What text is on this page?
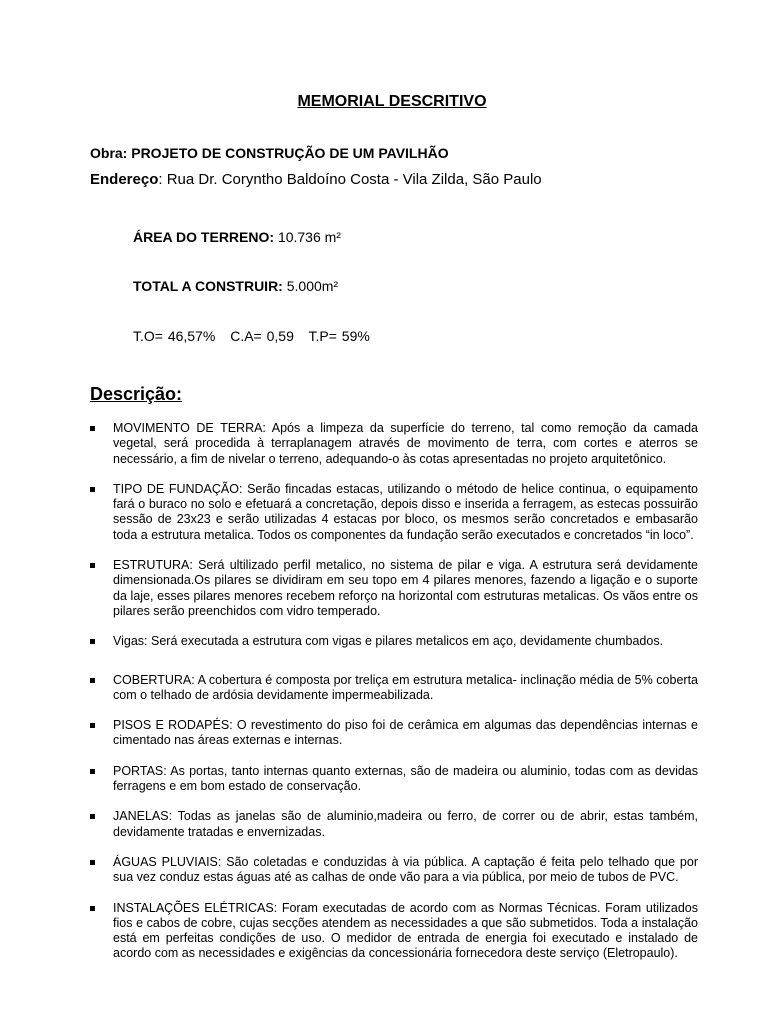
MEMORIAL DESCRITIVO
Obra: PROJETO DE CONSTRUÇÃO DE UM PAVILHÃO
Endereço: Rua Dr. Coryntho Baldoíno Costa - Vila Zilda, São Paulo
ÁREA DO TERRENO: 10.736 m²
TOTAL A CONSTRUIR: 5.000m²
T.O= 46,57% C.A= 0,59 T.P= 59%
Descrição:
MOVIMENTO DE TERRA: Após a limpeza da superfície do terreno, tal como remoção da camada vegetal, será procedida à terraplanagem através de movimento de terra, com cortes e aterros se necessário, a fim de nivelar o terreno, adequando-o às cotas apresentadas no projeto arquitetônico.
TIPO DE FUNDAÇÃO: Serão fincadas estacas, utilizando o método de helice continua, o equipamento fará o buraco no solo e efetuará a concretação, depois disso e inserida a ferragem, as estecas possuirão sessão de 23x23 e serão utilizadas 4 estacas por bloco, os mesmos serão concretados e embasarão toda a estrutura metalica. Todos os componentes da fundação serão executados e concretados “in loco”.
ESTRUTURA: Será ultilizado perfil metalico, no sistema de pilar e viga. A estrutura será devidamente dimensionada.Os pilares se dividiram em seu topo em 4 pilares menores, fazendo a ligação e o suporte da laje, esses pilares menores recebem reforço na horizontal com estruturas metalicas. Os vãos entre os pilares serão preenchidos com vidro temperado.
Vigas: Será executada a estrutura com vigas e pilares metalicos em aço, devidamente chumbados.
COBERTURA: A cobertura é composta por treliça em estrutura metalica- inclinação média de 5% coberta com o telhado de ardósia devidamente impermeabilizada.
PISOS E RODAPÉS: O revestimento do piso foi de cerâmica em algumas das dependências internas e cimentado nas áreas externas e internas.
PORTAS: As portas, tanto internas quanto externas, são de madeira ou aluminio, todas com as devidas ferragens e em bom estado de conservação.
JANELAS: Todas as janelas são de aluminio,madeira ou ferro, de correr ou de abrir, estas também, devidamente tratadas e envernizadas.
ÁGUAS PLUVIAIS: São coletadas e conduzidas à via pública. A captação é feita pelo telhado que por sua vez conduz estas águas até as calhas de onde vão para a via pública, por meio de tubos de PVC.
INSTALAÇÕES ELÉTRICAS: Foram executadas de acordo com as Normas Técnicas. Foram utilizados fios e cabos de cobre, cujas secções atendem as necessidades a que são submetidos. Toda a instalação está em perfeitas condições de uso. O medidor de entrada de energia foi executado e instalado de acordo com as necessidades e exigências da concessionária fornecedora deste serviço (Eletropaulo).
